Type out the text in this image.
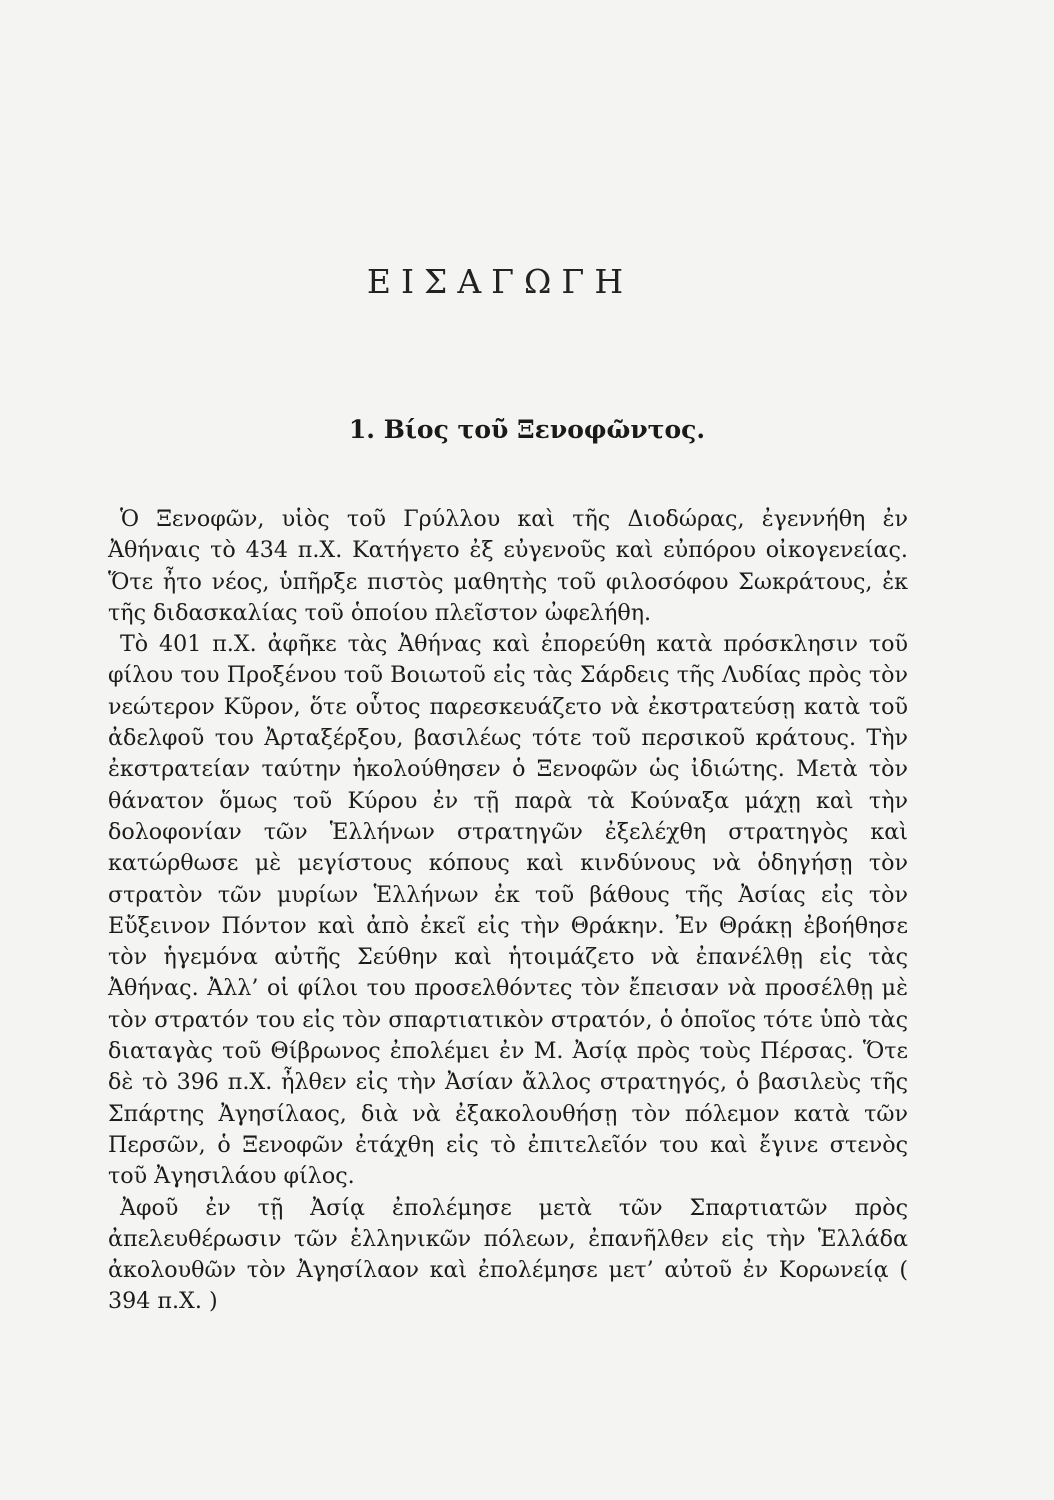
ΕΙΣΑΓΩΓΗ
1. Βίος τοῦ Ξενοφῶντος.

Ὁ Ξενοφῶν, υἱὸς τοῦ Γρύλλου καὶ τῆς Διοδώρας, ἐγεννήθη ἐν Ἀθήναις τὸ 434 π.Χ. Κατήγετο ἐξ εὐγενοῦς καὶ εὐπόρου οἰκογενείας. Ὅτε ἦτο νέος, ὑπῆρξε πιστὸς μαθητὴς τοῦ φιλοσόφου Σωκράτους, ἐκ τῆς διδασκαλίας τοῦ ὁποίου πλεῖστον ὠφελήθη.

Τὸ 401 π.Χ. ἀφῆκε τὰς Ἀθήνας καὶ ἐπορεύθη κατὰ πρόσκλησιν τοῦ φίλου του Προξένου τοῦ Βοιωτοῦ εἰς τὰς Σάρδεις τῆς Λυδίας πρὸς τὸν νεώτερον Κῦρον, ὅτε οὗτος παρεσκευάζετο νὰ ἐκστρατεύσῃ κατὰ τοῦ ἀδελφοῦ του Ἀρταξέρξου, βασιλέως τότε τοῦ περσικοῦ κράτους. Τὴν ἐκστρατείαν ταύτην ἠκολούθησεν ὁ Ξενοφῶν ὡς ἰδιώτης. Μετὰ τὸν θάνατον ὅμως τοῦ Κύρου ἐν τῇ παρὰ τὰ Κούναξα μάχῃ καὶ τὴν δολοφονίαν τῶν Ἑλλήνων στρατηγῶν ἐξελέχθη στρατηγὸς καὶ κατώρθωσε μὲ μεγίστους κόπους καὶ κινδύνους νὰ ὁδηγήσῃ τὸν στρατὸν τῶν μυρίων Ἑλλήνων ἐκ τοῦ βάθους τῆς Ἀσίας εἰς τὸν Εὔξεινον Πόντον καὶ ἀπὸ ἐκεῖ εἰς τὴν Θράκην. Ἐν Θράκῃ ἐβοήθησε τὸν ἡγεμόνα αὐτῆς Σεύθην καὶ ἡτοιμάζετο νὰ ἐπανέλθῃ εἰς τὰς Ἀθήνας. Ἀλλ’ οἱ φίλοι του προσελθόντες τὸν ἔπεισαν νὰ προσέλθῃ μὲ τὸν στρατόν του εἰς τὸν σπαρτιατικὸν στρατόν, ὁ ὁποῖος τότε ὑπὸ τὰς διαταγὰς τοῦ Θίβρωνος ἐπολέμει ἐν Μ. Ἀσίᾳ πρὸς τοὺς Πέρσας. Ὅτε δὲ τὸ 396 π.Χ. ἦλθεν εἰς τὴν Ἀσίαν ἄλλος στρατηγός, ὁ βασιλεὺς τῆς Σπάρτης Ἀγησίλαος, διὰ νὰ ἐξακολουθήσῃ τὸν πόλεμον κατὰ τῶν Περσῶν, ὁ Ξενοφῶν ἐτάχθη εἰς τὸ ἐπιτελεῖόν του καὶ ἔγινε στενὸς τοῦ Ἀγησιλάου φίλος.

Ἀφοῦ ἐν τῇ Ἀσίᾳ ἐπολέμησε μετὰ τῶν Σπαρτιατῶν πρὸς ἀπελευθέρωσιν τῶν ἑλληνικῶν πόλεων, ἐπανῆλθεν εἰς τὴν Ἑλλάδα ἀκολουθῶν τὸν Ἀγησίλαον καὶ ἐπολέμησε μετ’ αὐτοῦ ἐν Κορωνείᾳ ( 394 π.Χ. )
